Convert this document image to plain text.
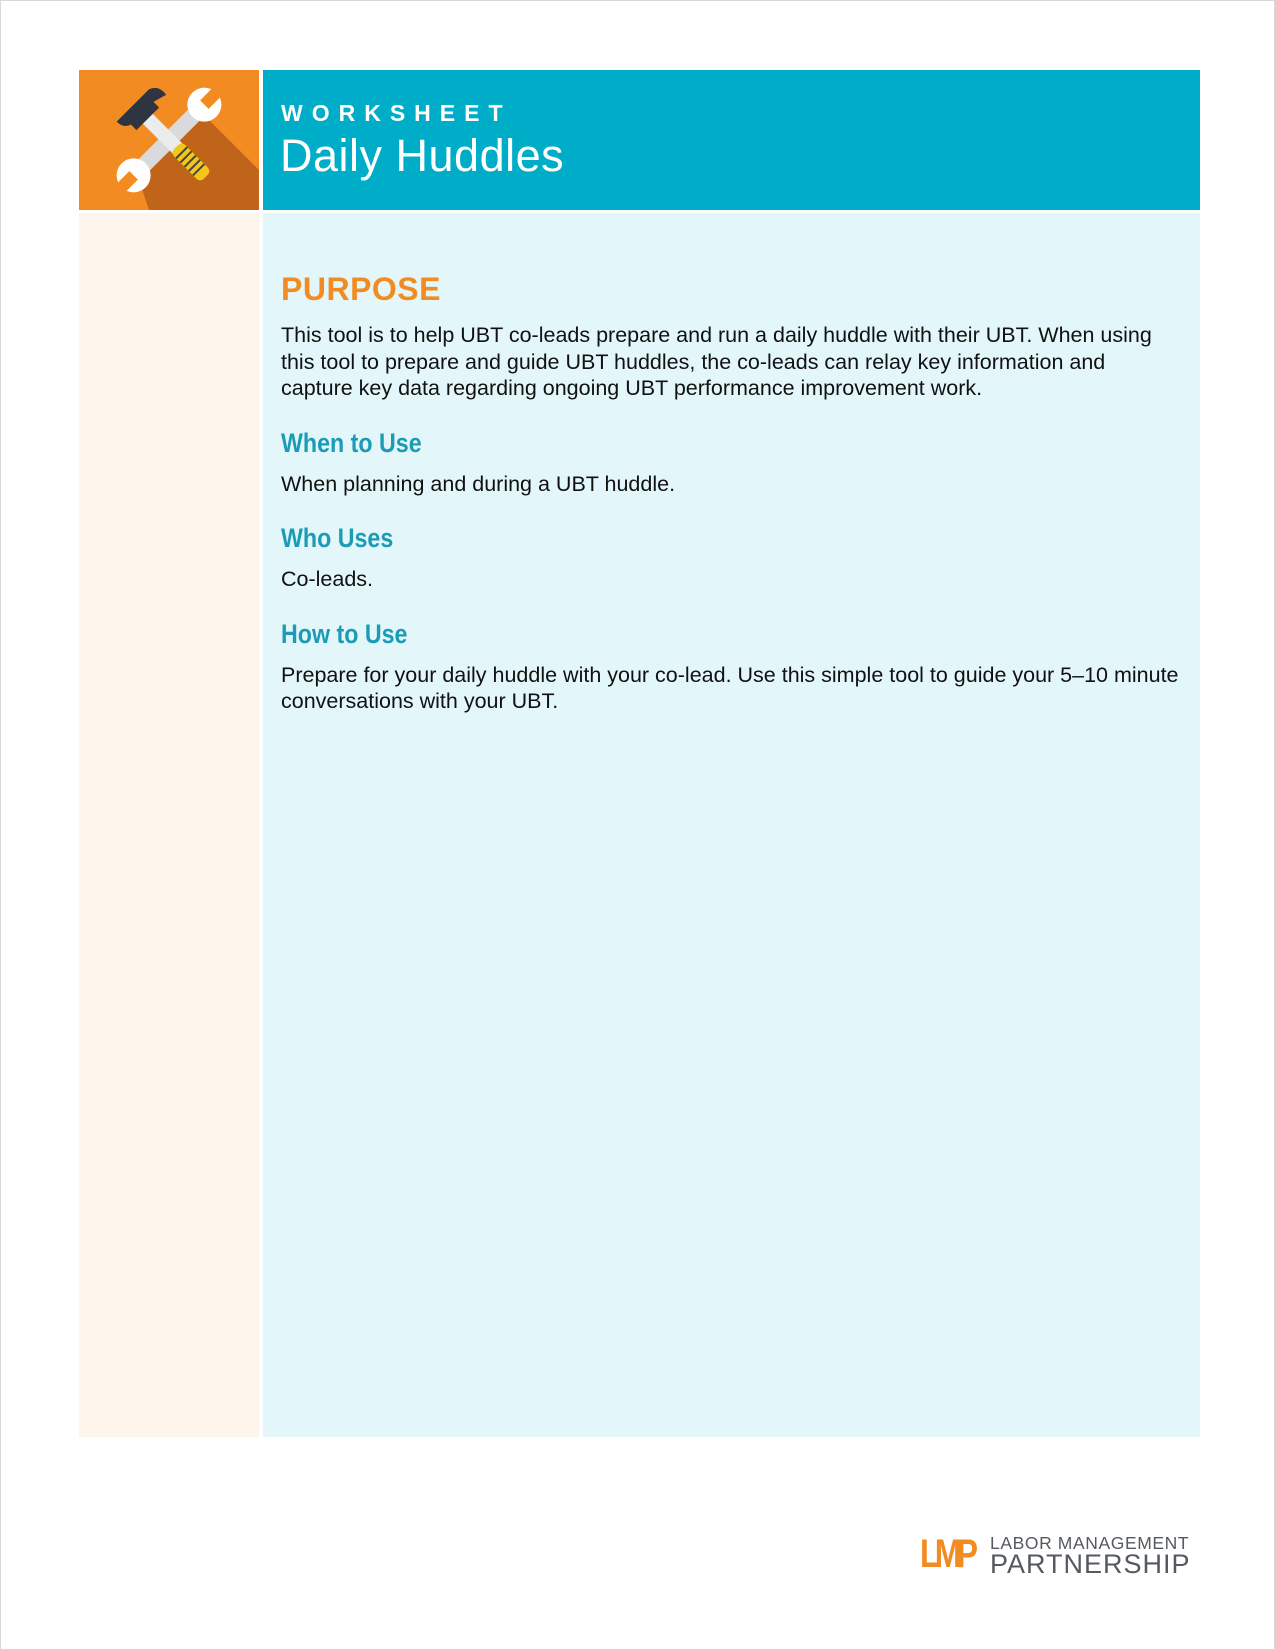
WORKSHEET
Daily Huddles
PURPOSE

This tool is to help UBT co-leads prepare and run a daily huddle with their UBT. When using this tool to prepare and guide UBT huddles, the co-leads can relay key information and capture key data regarding ongoing UBT performance improvement work.

When to Use

When planning and during a UBT huddle.

Who Uses

Co-leads.

How to Use

Prepare for your daily huddle with your co-lead. Use this simple tool to guide your 5–10 minute conversations with your UBT.

LMP LABOR MANAGEMENT
PARTNERSHIP
